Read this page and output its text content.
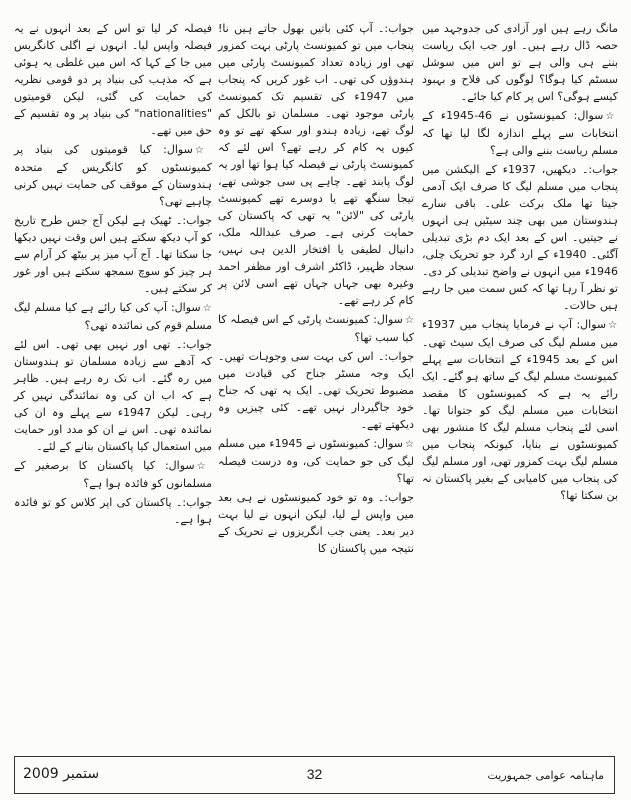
مانگ رہے ہیں اور آزادی کی جدوجہد میں حصہ ڈال رہے ہیں۔ اور جب ایک ریاست بننے ہی والی ہے تو اس میں سوشل سسٹم کیا ہوگا؟ لوگوں کی فلاح و بہبود کیسے ہوگی؟ اس پر کام کیا جائے۔

☆سوال: کمیونسٹوں نے 46-1945ء کے انتخابات سے پہلے اندازہ لگا لیا تھا کہ مسلم ریاست بننے والی ہے؟

جواب:۔ دیکھیں، 1937ء کے الیکشن میں پنجاب میں مسلم لیگ کا صرف ایک آدمی جیتا تھا ملک برکت علی۔ باقی سارے ہندوستان میں بھی چند سیٹیں ہی انہوں نے جیتیں۔ اس کے بعد ایک دم بڑی تبدیلی آگئی۔ 1940ء کے ارد گرد جو تحریک چلی، 1946ء میں انہوں نے واضح تبدیلی کر دی۔ تو نظر آ رہا تھا کہ کس سمت میں جا رہے ہیں حالات۔

☆سوال: آپ نے فرمایا پنجاب میں 1937ء میں مسلم لیگ کی صرف ایک سیٹ تھی۔ اس کے بعد 1945ء کے انتخابات سے پہلے کمیونسٹ مسلم لیگ کے ساتھ ہو گئے۔ ایک رائے یہ ہے کہ کمیونسٹوں کا مقصد انتخابات میں مسلم لیگ کو جتوانا تھا۔ اسی لئے پنجاب مسلم لیگ کا منشور بھی کمیونسٹوں نے بنایا، کیونکہ پنجاب میں مسلم لیگ بہت کمزور تھی، اور مسلم لیگ کی پنجاب میں کامیابی کے بغیر پاکستان نہ بن سکتا تھا؟

جواب:۔ آپ کئی باتیں بھول جاتے ہیں نا! پنجاب میں تو کمیونسٹ پارٹی بہت کمزور تھی اور زیادہ تعداد کمیونسٹ پارٹی میں ہندوؤں کی تھی۔ اب غور کریں کہ پنجاب میں 1947ء کی تقسیم تک کمیونسٹ پارٹی موجود تھی۔ مسلمان تو بالکل کم لوگ تھے، زیادہ ہندو اور سکھ تھے تو وہ کیوں یہ کام کر رہے تھے؟ اس لئے کہ کمیونسٹ پارٹی نے فیصلہ کیا ہوا تھا اور یہ لوگ پابند تھے۔ چاہے پی سی جوشی تھے، تیجا سنگھ تھے یا دوسرے تھے کمیونسٹ پارٹی کی "لائن" یہ تھی کہ پاکستان کی حمایت کرنی ہے۔ صرف عبداللہ ملک، دانیال لطیفی یا افتخار الدین ہی نہیں، سجاد ظہیر، ڈاکٹر اشرف اور مظفر احمد وغیرہ بھی جہاں جہاں تھے اسی لائن پر کام کر رہے تھے۔

☆سوال: کمیونسٹ پارٹی کے اس فیصلہ کا کیا سبب تھا؟

جواب:۔ اس کی بہت سی وجوہات تھیں۔ ایک وجہ مسٹر جناح کی قیادت میں مضبوط تحریک تھی۔ ایک یہ تھی کہ جناح خود جاگیردار نہیں تھے۔ کئی چیزیں وہ دیکھتے تھے۔

☆سوال: کمیونسٹوں نے 1945ء میں مسلم لیگ کی جو حمایت کی، وہ درست فیصلہ تھا؟

جواب:۔ وہ تو خود کمیونسٹوں نے ہی بعد میں واپس لے لیا، لیکن انہوں نے لیا بہت دیر بعد۔ یعنی جب انگریزوں نے تحریک کے نتیجہ میں پاکستان کا

فیصلہ کر لیا تو اس کے بعد انہوں نے یہ فیصلہ واپس لیا۔ انہوں نے اگلی کانگریس میں جا کے کہا کہ اس میں غلطی یہ ہوئی ہے کہ مذہب کی بنیاد پر دو قومی نظریہ کی حمایت کی گئی، لیکن قومیتوں "nationalities" کی بنیاد پر وہ تقسیم کے حق میں تھے۔

☆سوال: کیا قومیتوں کی بنیاد پر کمیونسٹوں کو کانگریس کے متحدہ ہندوستان کے موقف کی حمایت نہیں کرنی چاہیے تھی؟

جواب:۔ ٹھیک ہے لیکن آج جس طرح تاریخ کو آپ دیکھ سکتے ہیں اس وقت نہیں دیکھا جا سکتا تھا۔ آج آپ میز پر بیٹھ کر آرام سے ہر چیز کو سوچ سمجھ سکتے ہیں اور غور کر سکتے ہیں۔

☆سوال: آپ کی کیا رائے ہے کیا مسلم لیگ مسلم قوم کی نمائندہ تھی؟

جواب:۔ تھی اور نہیں بھی تھی۔ اس لئے کہ آدھے سے زیادہ مسلمان تو ہندوستان میں رہ گئے۔ اب تک رہ رہے ہیں۔ ظاہر ہے کہ اب ان کی وہ نمائندگی نہیں کر رہی۔ لیکن 1947ء سے پہلے وہ ان کی نمائندہ تھی۔ اس نے ان کو مدد اور حمایت میں استعمال کیا پاکستان بنانے کے لئے۔

☆سوال: کیا پاکستان کا برصغیر کے مسلمانوں کو فائدہ ہوا ہے؟

جواب:۔ پاکستان کی اپر کلاس کو تو فائدہ ہوا ہے۔

ستمبر 2009	32	ماہنامہ عوامی جمہوریت
